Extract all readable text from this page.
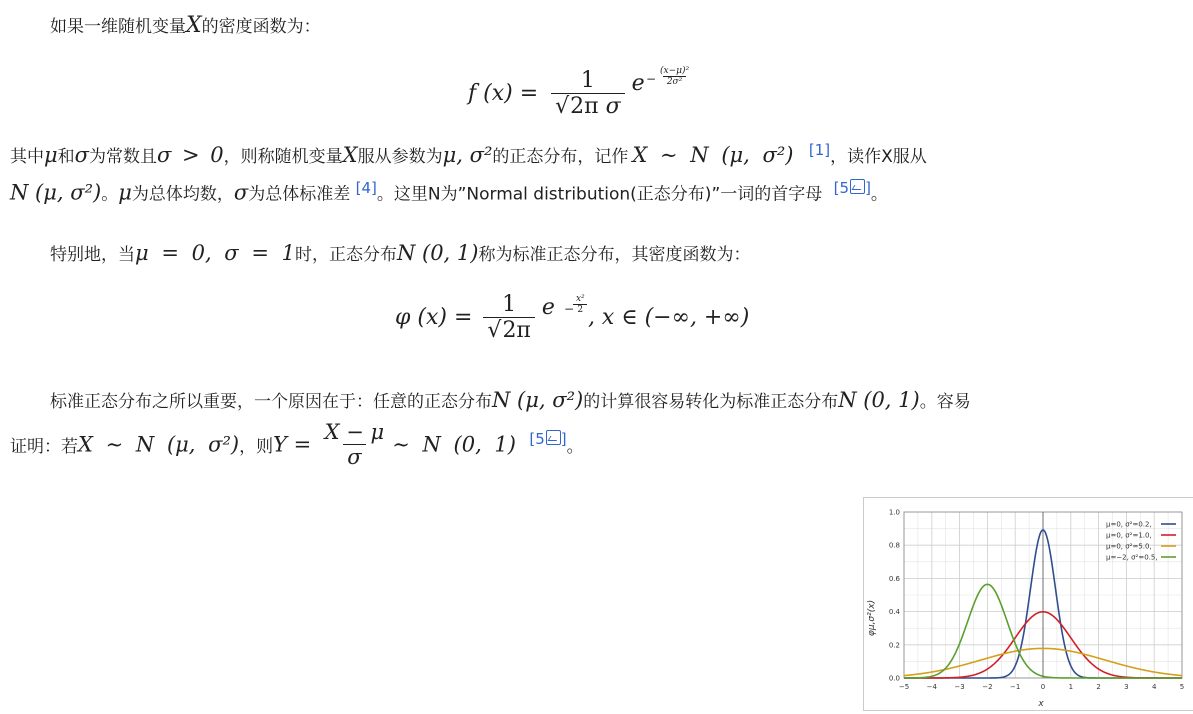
如果一维随机变量X的密度函数为：
f $(x) = \frac{1}{\text{√2π σ}}$ $e - \frac{\text{(x−μ)²}}{\text{2σ²}}$
其中μ和σ为常数且σ > 0，则称随机变量X服从参数为μ, σ²的正态分布，记作 X ∼ N (μ, σ²) [1]，读作X服从
N (μ, σ²)。μ为总体均数，σ为总体标准差 [4]。这里N为”Normal distribution(正态分布)”一词的首字母 [5 ]。
特别地，当μ = 0, σ = 1时，正态分布N (0, 1)称为标准正态分布，其密度函数为：
φ $(x) = \frac{1}{√2\pi}$ e −
$\frac{\text{x²}}{2}$
, x ∈ (−∞, +∞)
标准正态分布之所以重要，一个原因在于：任意的正态分布N (μ, σ²)的计算很容易转化为标准正态分布N (0, 1)。容易
证明：若X ∼ N (μ, σ²)，则$Y = \frac{X - \mu}{\sigma}$ ∼ N (0, 1) [5 ]。
−5 −4 −3 −2 −1	0	1	2	3	4	5
0.0
0.2
0.4
0.6
0.8
1.0
μ=0, σ²=0.2,
μ=0, σ²=1.0,
μ=0, σ²=5.0,
μ=−2, σ²=0.5,
φμ,σ²(x)
x
